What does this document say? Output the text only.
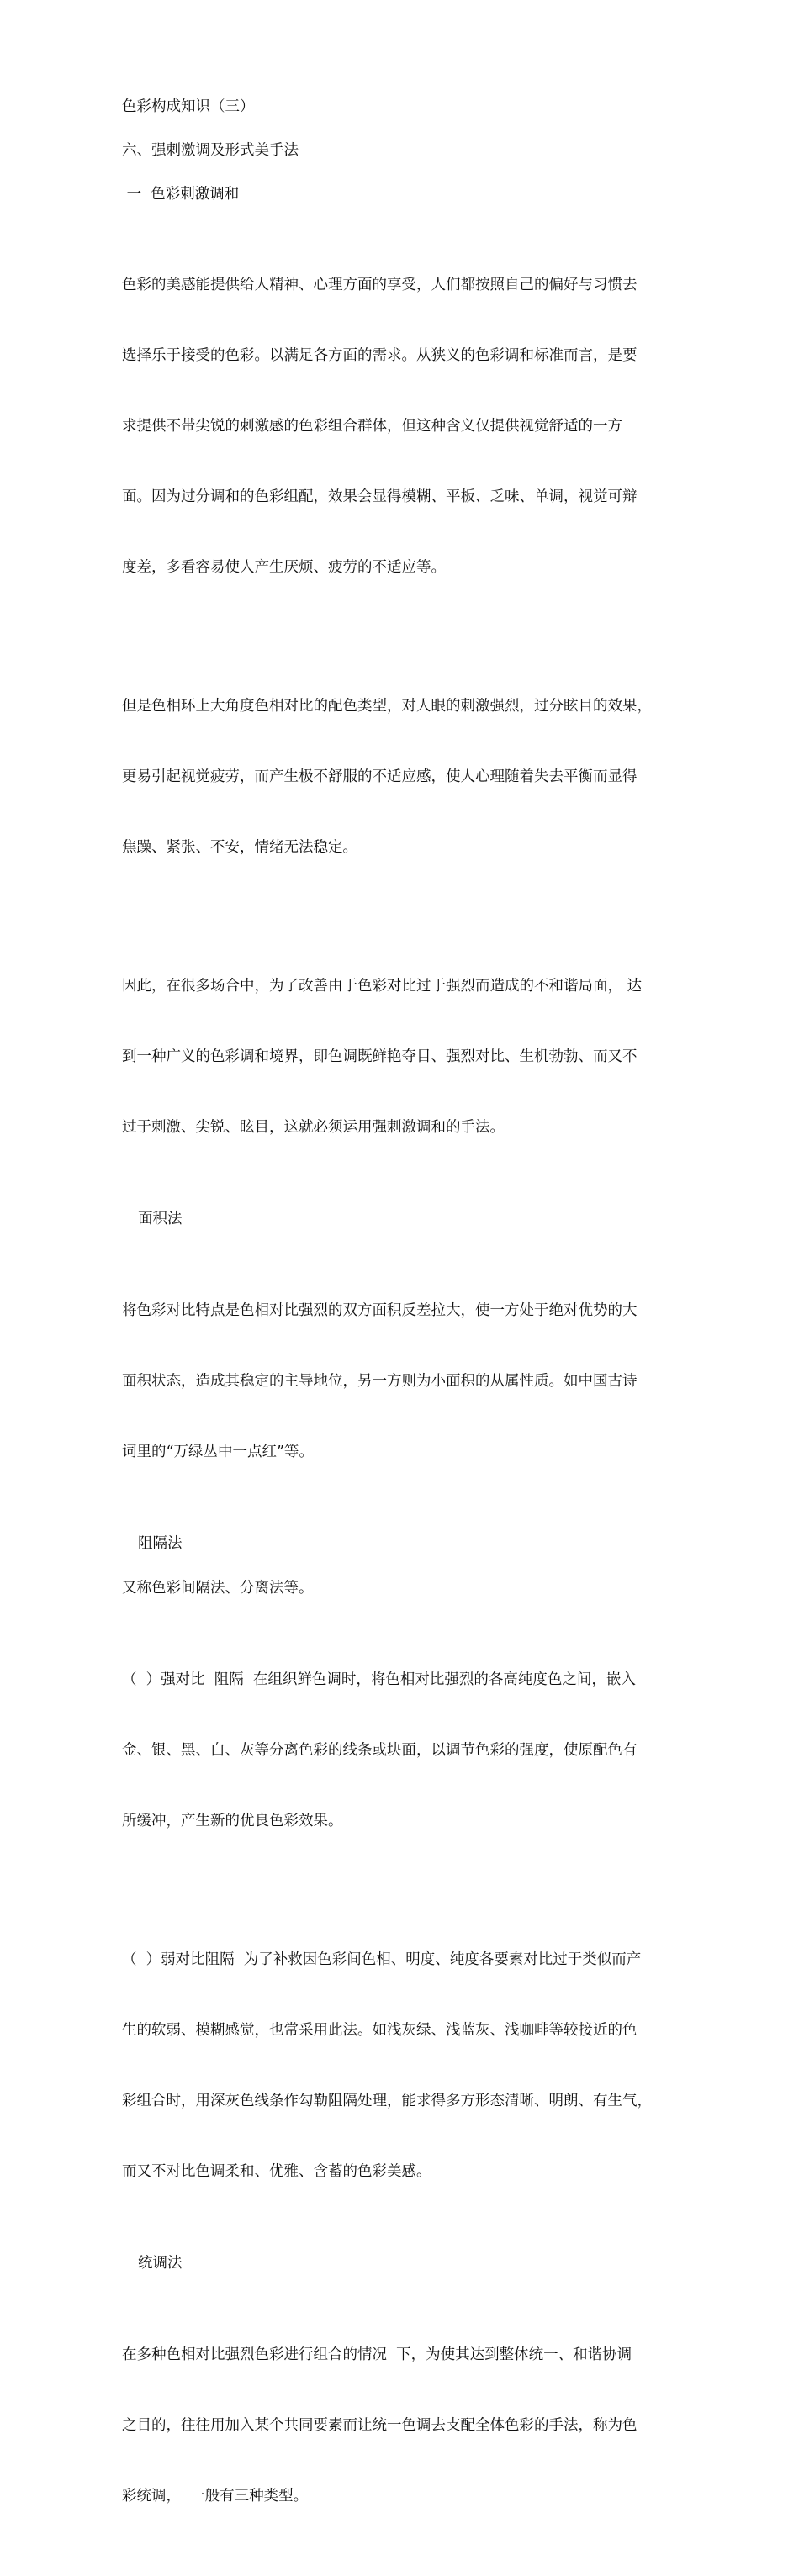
色彩构成知识（三）

六、强刺激调及形式美手法

一  色彩刺激调和

色彩的美感能提供给人精神、心理方面的享受，人们都按照自己的偏好与习惯去

选择乐于接受的色彩。以满足各方面的需求。从狭义的色彩调和标准而言，是要

求提供不带尖锐的刺激感的色彩组合群体，但这种含义仅提供视觉舒适的一方

面。因为过分调和的色彩组配，效果会显得模糊、平板、乏味、单调，视觉可辩

度差，多看容易使人产生厌烦、疲劳的不适应等。

但是色相环上大角度色相对比的配色类型，对人眼的刺激强烈，过分眩目的效果，

更易引起视觉疲劳，而产生极不舒服的不适应感，使人心理随着失去平衡而显得

焦躁、紧张、不安，情绪无法稳定。

因此，在很多场合中，为了改善由于色彩对比过于强烈而造成的不和谐局面， 达

到一种广义的色彩调和境界，即色调既鲜艳夺目、强烈对比、生机勃勃、而又不

过于刺激、尖锐、眩目，这就必须运用强刺激调和的手法。

面积法

将色彩对比特点是色相对比强烈的双方面积反差拉大，使一方处于绝对优势的大

面积状态，造成其稳定的主导地位，另一方则为小面积的从属性质。如中国古诗

词里的“万绿丛中一点红”等。

阻隔法

又称色彩间隔法、分离法等。

（  ）强对比  阻隔  在组织鲜色调时，将色相对比强烈的各高纯度色之间，嵌入

金、银、黑、白、灰等分离色彩的线条或块面，以调节色彩的强度，使原配色有

所缓冲，产生新的优良色彩效果。

（  ）弱对比阻隔  为了补救因色彩间色相、明度、纯度各要素对比过于类似而产

生的软弱、模糊感觉，也常采用此法。如浅灰绿、浅蓝灰、浅咖啡等较接近的色

彩组合时，用深灰色线条作勾勒阻隔处理，能求得多方形态清晰、明朗、有生气，

而又不对比色调柔和、优雅、含蓄的色彩美感。

统调法

在多种色相对比强烈色彩进行组合的情况  下，为使其达到整体统一、和谐协调

之目的，往往用加入某个共同要素而让统一色调去支配全体色彩的手法，称为色

彩统调，  一般有三种类型。
